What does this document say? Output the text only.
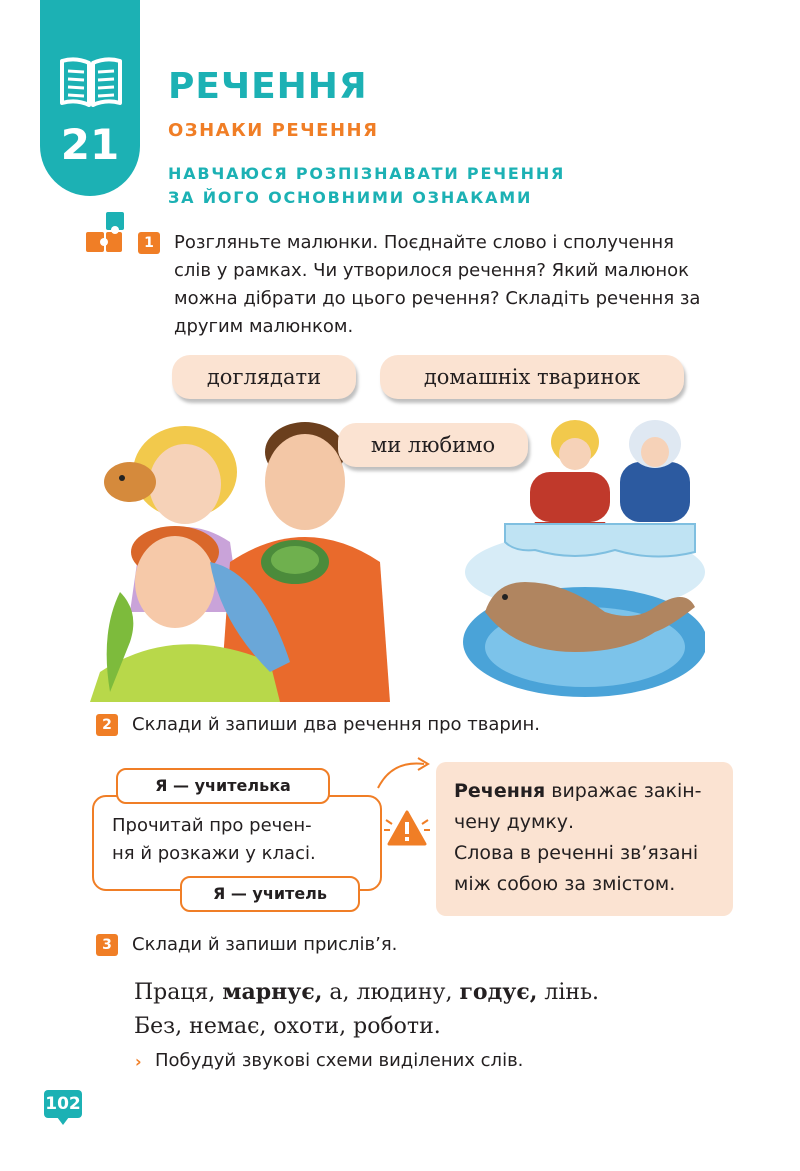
21
РЕЧЕННЯ
ОЗНАКИ РЕЧЕННЯ
НАВЧАЮСЯ РОЗПІЗНАВАТИ РЕЧЕННЯ
ЗА ЙОГО ОСНОВНИМИ ОЗНАКАМИ
1	Розгляньте малюнки. Поєднайте слово і сполучення
слів у рамках. Чи утворилося речення? Який малюнок
можна дібрати до цього речення? Складіть речення за
другим малюнком.
доглядати	домашніх тваринок
ми любимо
2	Склади й запиши два речення про тварин.
Я — учителька
Прочитай про речен-
ня й розкажи у класі.
Я — учитель
Речення виражає закін-
чену думку.
Слова в реченні зв’язані
між собою за змістом.
3	Склади й запиши прислів’я.
Праця, марнує, а, людину, годує, лінь.
Без, немає, охоти, роботи.
› Побудуй звукові схеми виділених слів.
102
